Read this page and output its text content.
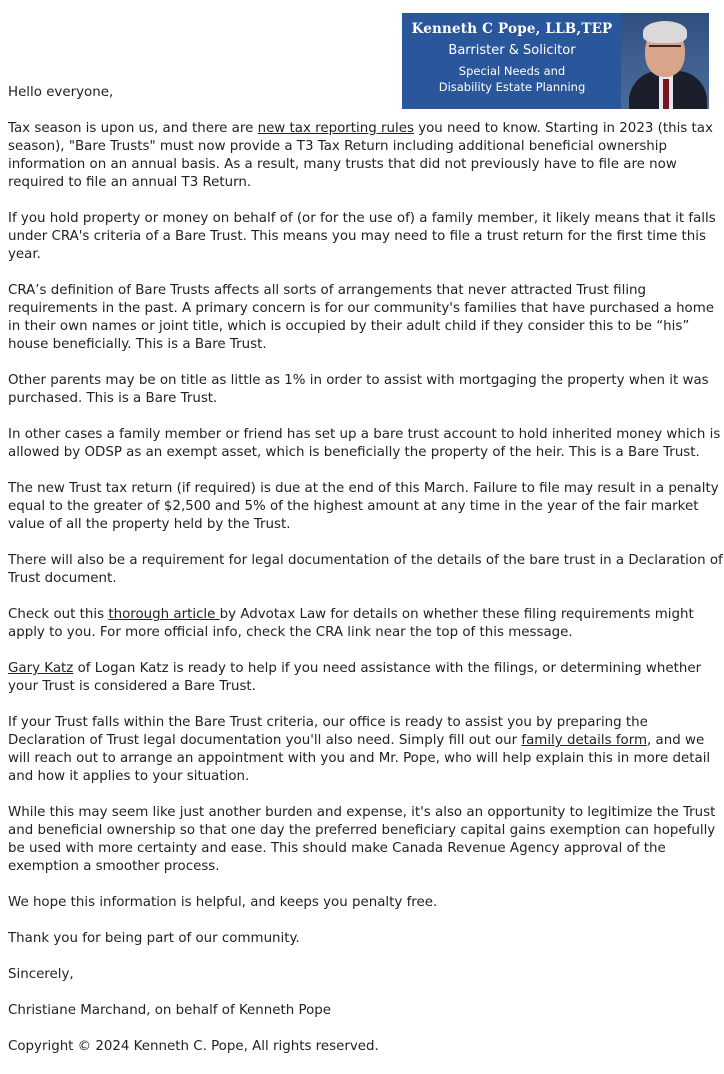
Kenneth C Pope, LLB,TEP
Barrister & Solicitor
Special Needs and
Disability Estate Planning

Hello everyone,

Tax season is upon us, and there are new tax reporting rules you need to know. Starting in 2023 (this tax season), "Bare Trusts" must now provide a T3 Tax Return including additional beneficial ownership information on an annual basis. As a result, many trusts that did not previously have to file are now required to file an annual T3 Return.

If you hold property or money on behalf of (or for the use of) a family member, it likely means that it falls under CRA's criteria of a Bare Trust. This means you may need to file a trust return for the first time this year.

CRA’s definition of Bare Trusts affects all sorts of arrangements that never attracted Trust filing requirements in the past. A primary concern is for our community's families that have purchased a home in their own names or joint title, which is occupied by their adult child if they consider this to be “his” house beneficially. This is a Bare Trust.

Other parents may be on title as little as 1% in order to assist with mortgaging the property when it was purchased. This is a Bare Trust.

In other cases a family member or friend has set up a bare trust account to hold inherited money which is allowed by ODSP as an exempt asset, which is beneficially the property of the heir. This is a Bare Trust.

The new Trust tax return (if required) is due at the end of this March. Failure to file may result in a penalty equal to the greater of $2,500 and 5% of the highest amount at any time in the year of the fair market value of all the property held by the Trust.

There will also be a requirement for legal documentation of the details of the bare trust in a Declaration of Trust document.

Check out this thorough article by Advotax Law for details on whether these filing requirements might apply to you. For more official info, check the CRA link near the top of this message.

Gary Katz of Logan Katz is ready to help if you need assistance with the filings, or determining whether your Trust is considered a Bare Trust.

If your Trust falls within the Bare Trust criteria, our office is ready to assist you by preparing the Declaration of Trust legal documentation you'll also need. Simply fill out our family details form, and we will reach out to arrange an appointment with you and Mr. Pope, who will help explain this in more detail and how it applies to your situation.

While this may seem like just another burden and expense, it's also an opportunity to legitimize the Trust and beneficial ownership so that one day the preferred beneficiary capital gains exemption can hopefully be used with more certainty and ease. This should make Canada Revenue Agency approval of the exemption a smoother process.

We hope this information is helpful, and keeps you penalty free.

Thank you for being part of our community.

Sincerely,

Christiane Marchand, on behalf of Kenneth Pope

Copyright © 2024 Kenneth C. Pope, All rights reserved.
